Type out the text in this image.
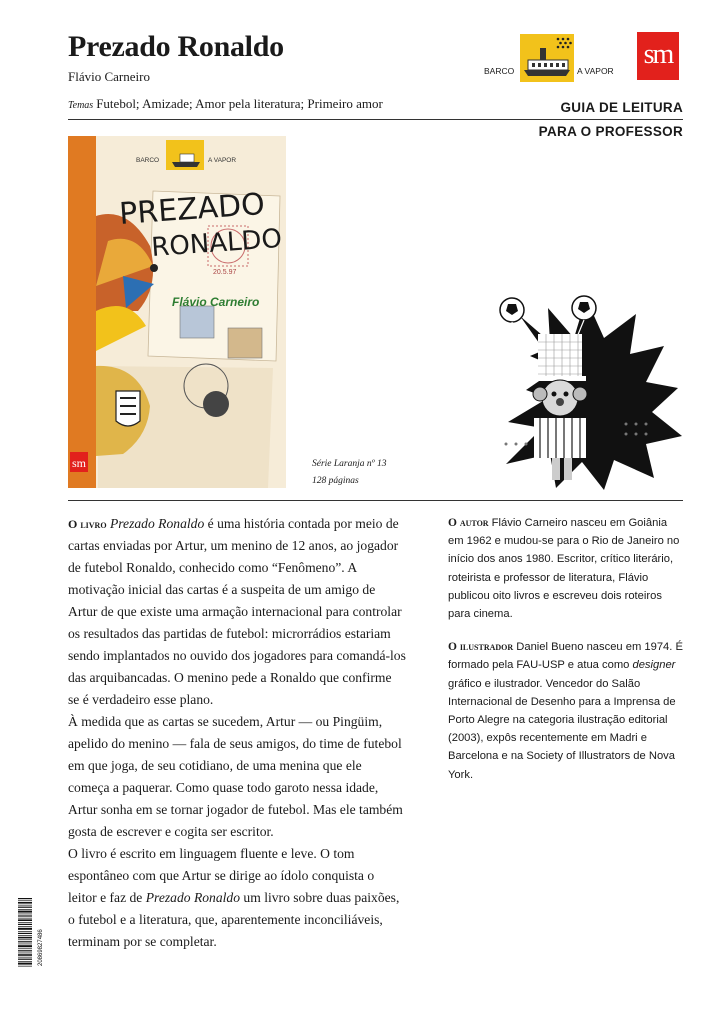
Prezado Ronaldo
Flávio Carneiro
Temas Futebol; Amizade; Amor pela literatura; Primeiro amor	GUIA DE LEITURA
PARA O PROFESSOR
BARCO	A VAPOR
sm
BARCO	A VAPOR
20.5.97
PREZADO
RONALDO
Flávio Carneiro
sm	Série Laranja nº 13
128 páginas

O livro Prezado Ronaldo é uma história contada por meio de cartas enviadas por Artur, um menino de 12 anos, ao jogador de futebol Ronaldo, conhecido como “Fenômeno”. A motivação inicial das cartas é a suspeita de um amigo de Artur de que existe uma armação internacional para controlar os resultados das partidas de futebol: microrrádios estariam sendo implantados no ouvido dos jogadores para comandá-los das arquibancadas. O menino pede a Ronaldo que confirme se é verdadeiro esse plano.

À medida que as cartas se sucedem, Artur — ou Pingüim, apelido do menino — fala de seus amigos, do time de futebol em que joga, de seu cotidiano, de uma menina que ele começa a paquerar. Como quase todo garoto nessa idade, Artur sonha em se tornar jogador de futebol. Mas ele também gosta de escrever e cogita ser escritor.

O livro é escrito em linguagem fluente e leve. O tom espontâneo com que Artur se dirige ao ídolo conquista o leitor e faz de Prezado Ronaldo um livro sobre duas paixões, o futebol e a literatura, que, aparentemente inconciliáveis, terminam por se completar.

O autor Flávio Carneiro nasceu em Goiânia em 1962 e mudou-se para o Rio de Janeiro no início dos anos 1980. Escritor, crítico literário, roteirista e professor de literatura, Flávio publicou oito livros e escreveu dois roteiros para cinema.

O ilustrador Daniel Bueno nasceu em 1974. É formado pela FAU-USP e atua como designer gráfico e ilustrador. Vencedor do Salão Internacional de Desenho para a Imprensa de Porto Alegre na categoria ilustração editorial (2003), expôs recentemente em Madri e Barcelona e na Society of Illustrators de Nova York.

20869827486
